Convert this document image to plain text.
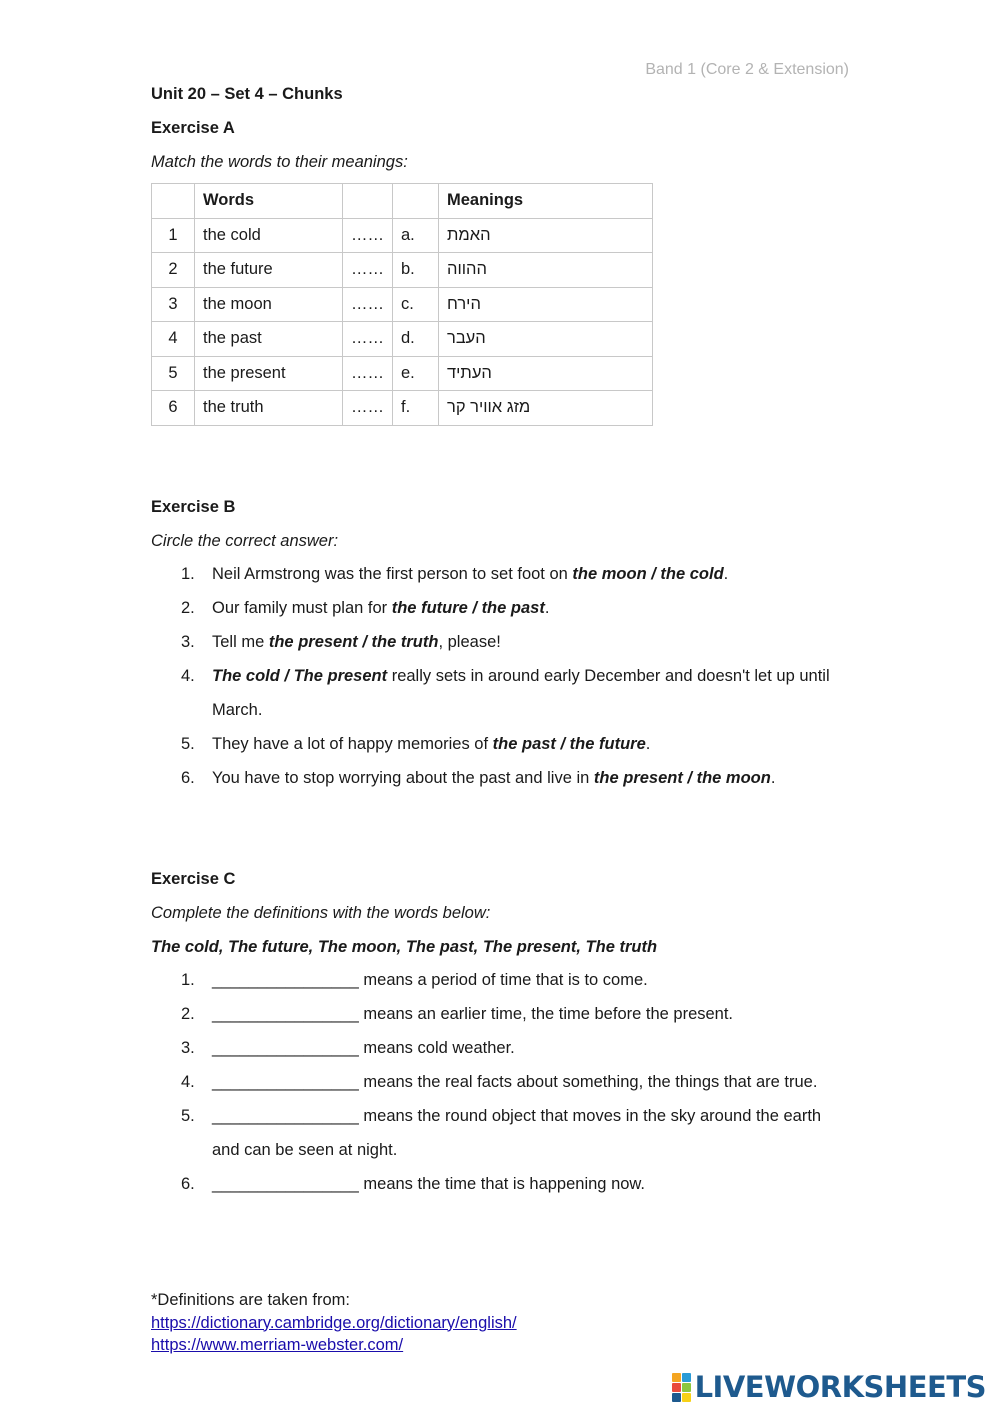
Band 1 (Core 2 & Extension)
Unit 20 – Set 4 – Chunks
Exercise A
Match the words to their meanings:
	Words			Meanings
1	the cold	……	a.	האמת
2	the future	……	b.	ההווה
3	the moon	……	c.	הירח
4	the past	……	d.	העבר
5	the present	……	e.	העתיד
6	the truth	……	f.	מזג אוויר קר
Exercise B
Circle the correct answer:
1. Neil Armstrong was the first person to set foot on the moon / the cold.
2. Our family must plan for the future / the past.
3. Tell me the present / the truth, please!
4. The cold / The present really sets in around early December and doesn't let up until March.
5. They have a lot of happy memories of the past / the future.
6. You have to stop worrying about the past and live in the present / the moon.
Exercise C
Complete the definitions with the words below:
The cold, The future, The moon, The past, The present, The truth
1. ________________ means a period of time that is to come.
2. ________________ means an earlier time, the time before the present.
3. ________________ means cold weather.
4. ________________ means the real facts about something, the things that are true.
5. ________________ means the round object that moves in the sky around the earth and can be seen at night.
6. ________________ means the time that is happening now.
*Definitions are taken from:
https://dictionary.cambridge.org/dictionary/english/
https://www.merriam-webster.com/
LIVEWORKSHEETS
